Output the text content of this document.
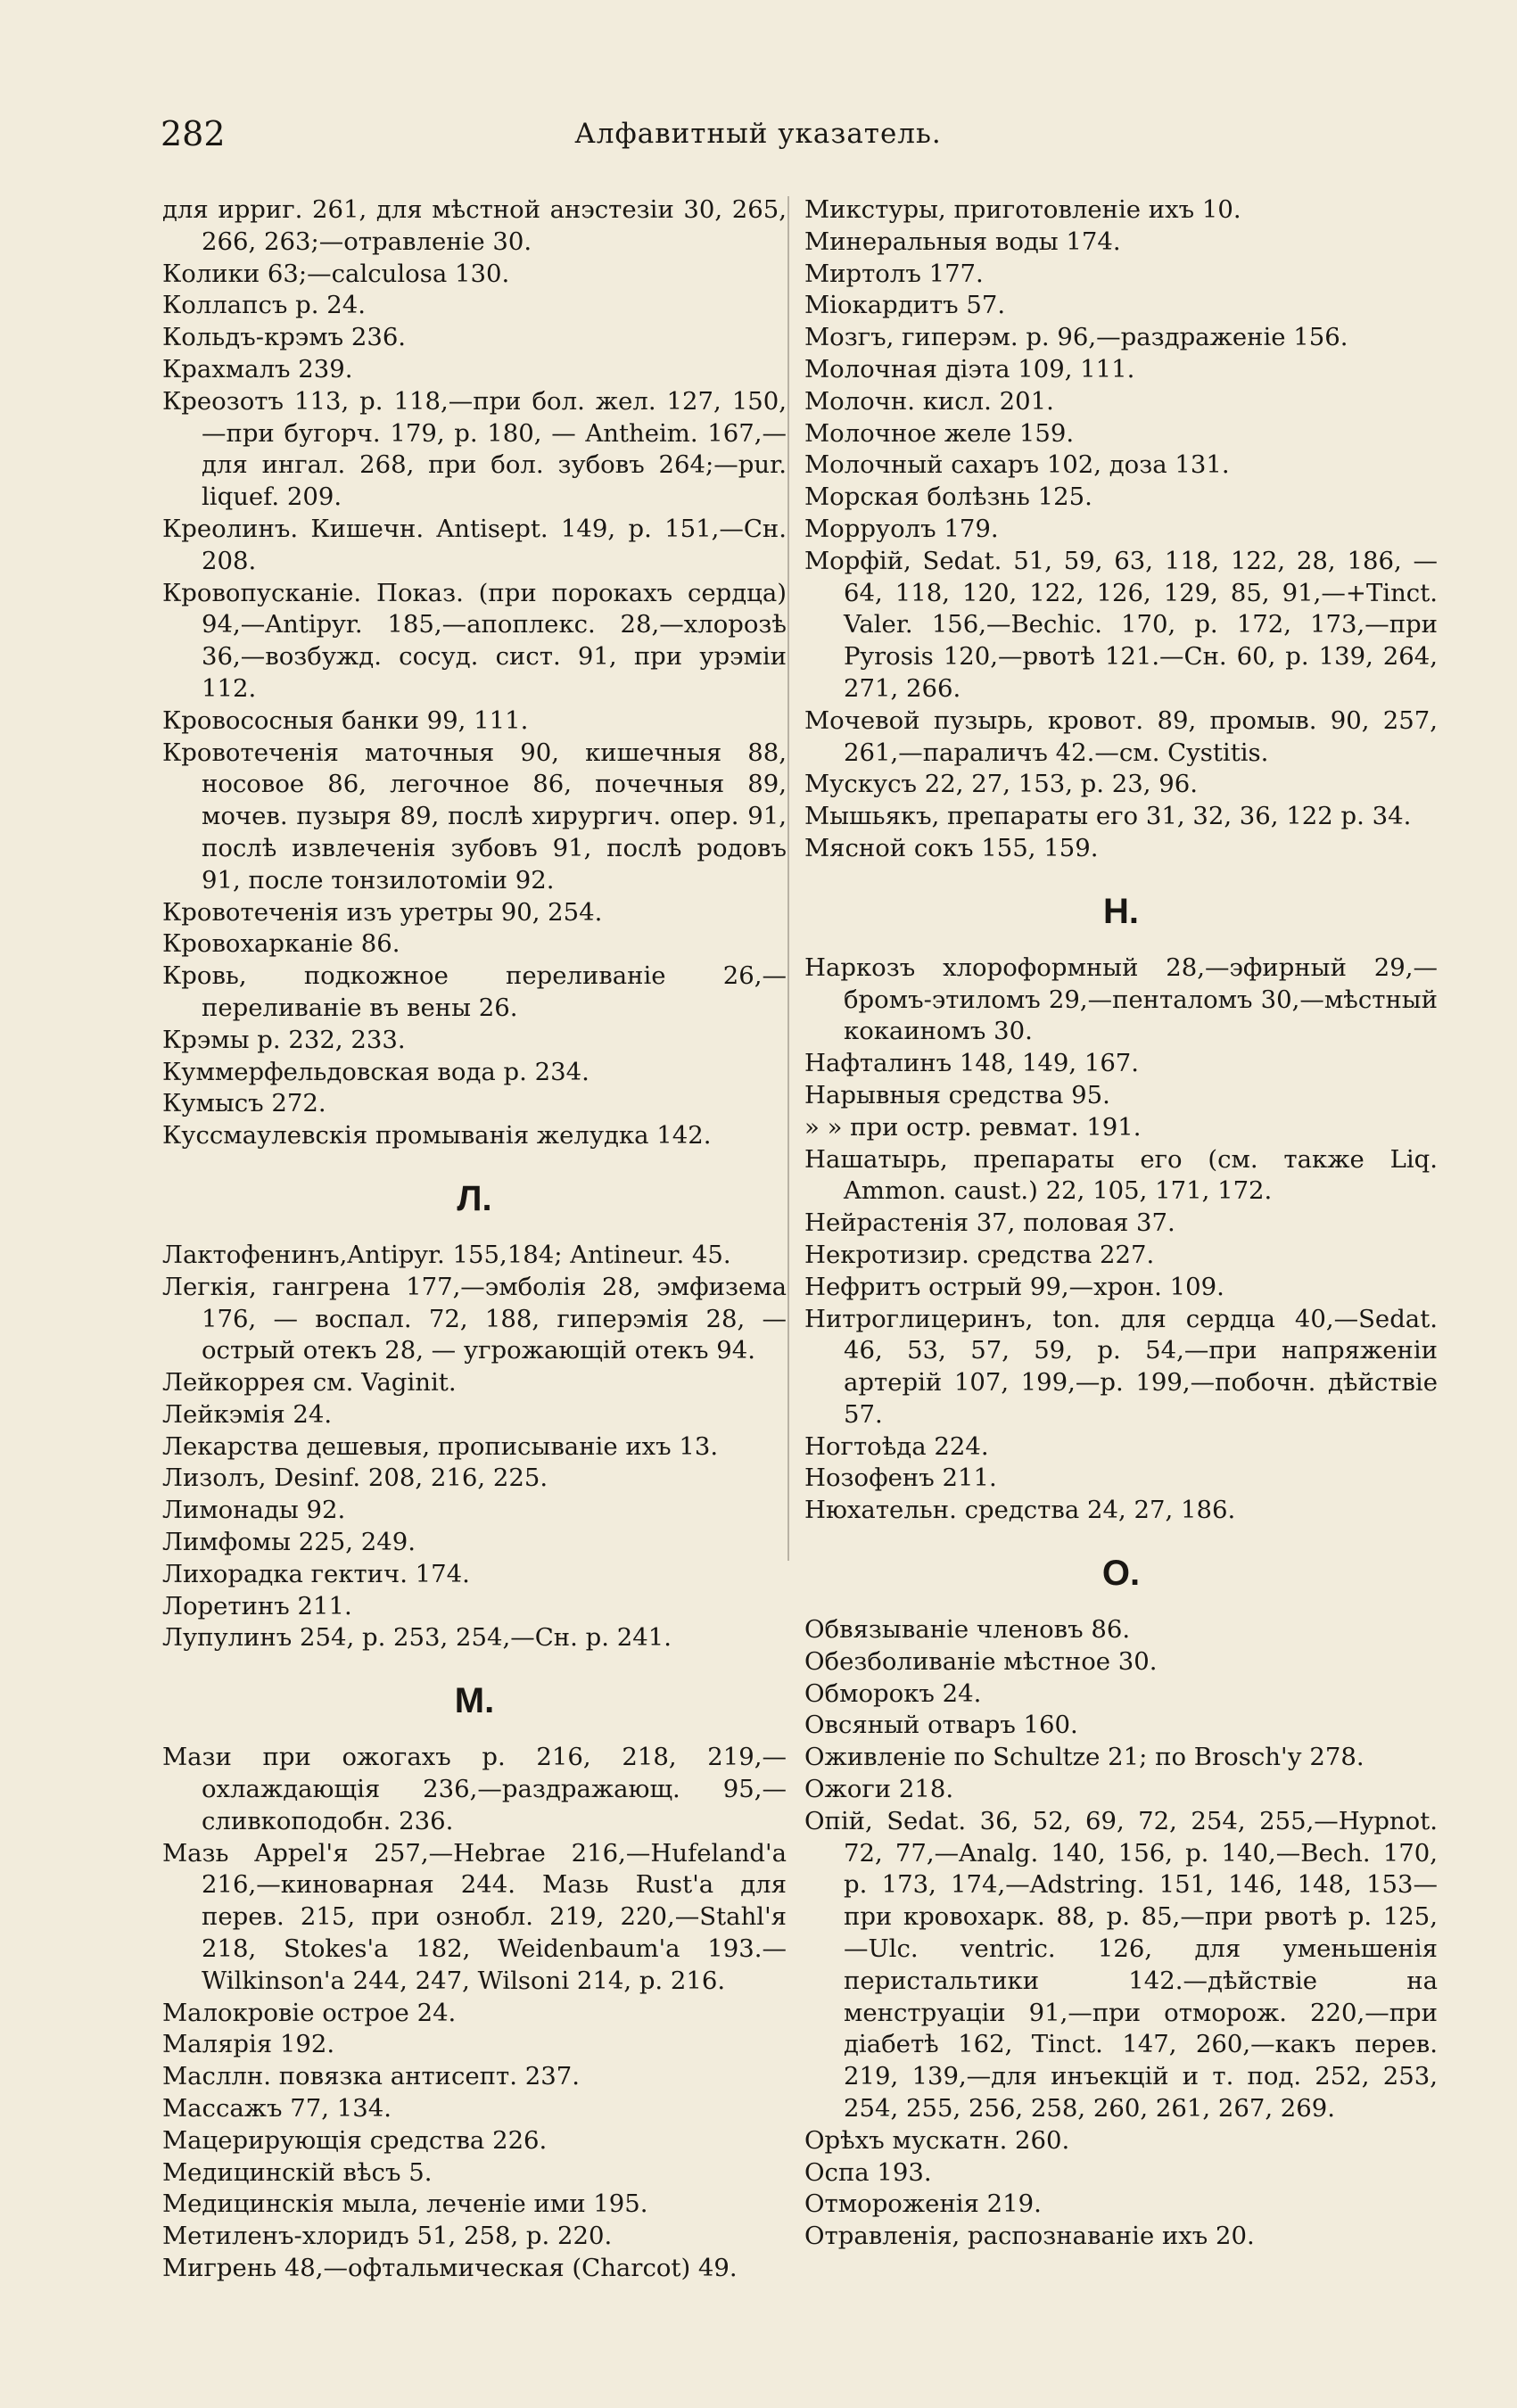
282	Алфавитный указатель.
для ирриг. 261, для мѣстной анэстезіи 30, 265, 266, 263;—отравленіе 30.
Колики 63;—calculosa 130.
Коллапсъ р. 24.
Кольдъ-крэмъ 236.
Крахмалъ 239.
Креозотъ 113, р. 118,—при бол. жел. 127, 150,—при бугорч. 179, р. 180, — Antheim. 167,—для ингал. 268, при бол. зубовъ 264;—pur. liquef. 209.
Креолинъ. Кишечн. Antisept. 149, р. 151,—Сн. 208.
Кровопусканіе. Показ. (при порокахъ сердца) 94,—Antipyr. 185,—апоплекс. 28,—хлорозѣ 36,—возбужд. сосуд. сист. 91, при урэміи 112.
Кровососныя банки 99, 111.
Кровотеченія маточныя 90, кишечныя 88, носовое 86, легочное 86, почечныя 89, мочев. пузыря 89, послѣ хирургич. опер. 91, послѣ извлеченія зубовъ 91, послѣ родовъ 91, после тонзилотоміи 92.
Кровотеченія изъ уретры 90, 254.
Кровохарканіе 86.
Кровь, подкожное переливаніе 26,—переливаніе въ вены 26.
Крэмы р. 232, 233.
Куммерфельдовская вода р. 234.
Кумысъ 272.
Куссмаулевскія промыванія желудка 142.
Л.
Лактофенинъ,Antipyr. 155,184; Antineur. 45.
Легкія, гангрена 177,—эмболія 28, эмфизема 176, — воспал. 72, 188, гиперэмія 28, — острый отекъ 28, — угрожающій отекъ 94.
Лейкоррея см. Vaginit.
Лейкэмія 24.
Лекарства дешевыя, прописыванiе ихъ 13.
Лизолъ, Desinf. 208, 216, 225.
Лимонады 92.
Лимфомы 225, 249.
Лихорадка гектич. 174.
Лоретинъ 211.
Лупулинъ 254, р. 253, 254,—Сн. р. 241.
М.
Мази при ожогахъ р. 216, 218, 219,—охлаждающія 236,—раздражающ. 95,—сливкоподобн. 236.
Мазь Appel'я 257,—Hebrae 216,—Hufeland'а 216,—киноварная 244. Мазь Rust'а для перев. 215, при ознобл. 219, 220,—Stahl'я 218, Stokes'а 182, Weidenbaum'а 193.—Wilkinson'а 244, 247, Wilsoni 214, р. 216.
Малокровіе острое 24.
Малярія 192.
Масллн. повязка антисепт. 237.
Массажъ 77, 134.
Мацерирующія средства 226.
Медицинскій вѣсъ 5.
Медицинскія мыла, леченіе ими 195.
Метиленъ-хлоридъ 51, 258, р. 220.
Мигрень 48,—офтальмическая (Charcot) 49.
Микстуры, приготовленіе ихъ 10.
Минеральныя воды 174.
Миртолъ 177.
Міокардитъ 57.
Мозгъ, гиперэм. р. 96,—раздраженіе 156.
Молочная діэта 109, 111.
Молочн. кисл. 201.
Молочное желе 159.
Молочный сахаръ 102, доза 131.
Морская болѣзнь 125.
Морруолъ 179.
Морфій, Sedat. 51, 59, 63, 118, 122, 28, 186, — 64, 118, 120, 122, 126, 129, 85, 91,—+Tinct. Valer. 156,—Bechic. 170, р. 172, 173,—при Pyrosis 120,—рвотѣ 121.—Сн. 60, р. 139, 264, 271, 266.
Мочевой пузырь, кровот. 89, промыв. 90, 257, 261,—параличъ 42.—см. Cystitis.
Мускусъ 22, 27, 153, р. 23, 96.
Мышьякъ, препараты его 31, 32, 36, 122 р. 34.
Мясной сокъ 155, 159.
Н.
Наркозъ хлороформный 28,—эфирный 29,—бромъ-этиломъ 29,—пенталомъ 30,—мѣстный кокаиномъ 30.
Нафталинъ 148, 149, 167.
Нарывныя средства 95.
» » при остр. ревмат. 191.
Нашатырь, препараты его (см. также Liq. Ammon. caust.) 22, 105, 171, 172.
Нейрастенія 37, половая 37.
Некротизир. средства 227.
Нефритъ острый 99,—хрон. 109.
Нитроглицеринъ, ton. для сердца 40,—Sedat. 46, 53, 57, 59, р. 54,—при напряженіи артерій 107, 199,—р. 199,—побочн. дѣйствіе 57.
Ногтоѣда 224.
Нозофенъ 211.
Нюхательн. средства 24, 27, 186.
О.
Обвязываніе членовъ 86.
Обезболиваніе мѣстное 30.
Обморокъ 24.
Овсяный отваръ 160.
Оживленіе по Schultze 21; по Brosch'у 278.
Ожоги 218.
Опій, Sedat. 36, 52, 69, 72, 254, 255,—Hypnot. 72, 77,—Analg. 140, 156, р. 140,—Bech. 170, р. 173, 174,—Adstring. 151, 146, 148, 153—при кровохарк. 88, р. 85,—при рвотѣ р. 125,—Ulc. ventric. 126, для уменьшенія перистальтики 142.—дѣйствіе на менструаціи 91,—при отмoрож. 220,—при діабетѣ 162, Tinct. 147, 260,—какъ перев. 219, 139,—для инъекцій и т. под. 252, 253, 254, 255, 256, 258, 260, 261, 267, 269.
Орѣхъ мускатн. 260.
Оспа 193.
Отмороженія 219.
Отравленія, распознаваніе ихъ 20.
